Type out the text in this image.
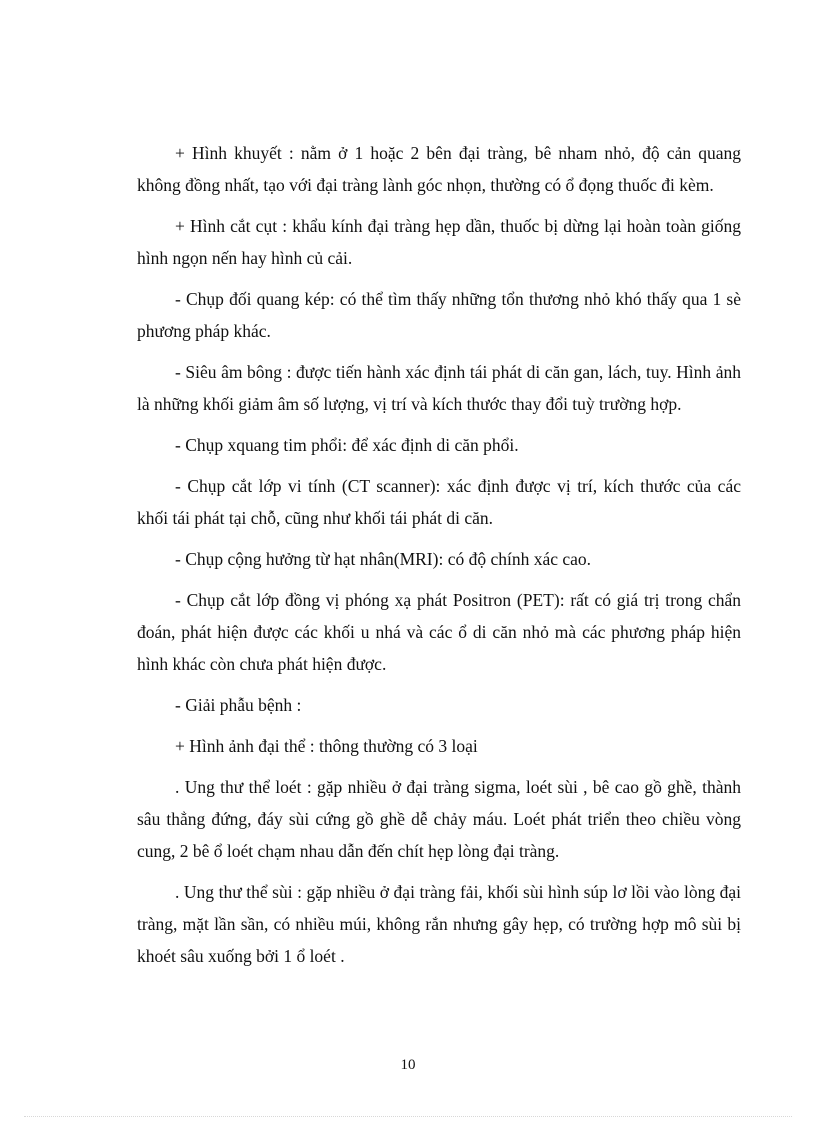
+ Hình khuyết : nằm ở 1 hoặc 2 bên đại tràng, bê nham nhỏ, độ cản quang không đồng nhất, tạo với đại tràng lành góc nhọn, thường có ổ đọng thuốc đi kèm.

+ Hình cắt cụt : khẩu kính đại tràng hẹp dần, thuốc bị dừng lại hoàn toàn giống hình ngọn nến hay hình củ cải.

- Chụp đối quang kép: có thể tìm thấy những tổn thương nhỏ khó thấy qua 1 sè phương pháp khác.

- Siêu âm bông : được tiến hành xác định tái phát di căn gan, lách, tuy. Hình ảnh là những khối giảm âm số lượng, vị trí và kích thước thay đổi tuỳ trường hợp.

- Chụp xquang tim phổi: để xác định di căn phổi.

- Chụp cắt lớp vi tính (CT scanner): xác định được vị trí, kích thước của các khối tái phát tại chỗ, cũng như khối tái phát di căn.

- Chụp cộng hưởng từ hạt nhân(MRI): có độ chính xác cao.

- Chụp cắt lớp đồng vị phóng xạ phát Positron (PET): rất có giá trị trong chẩn đoán, phát hiện được các khối u nhá và các ổ di căn nhỏ mà các phương pháp hiện hình khác còn chưa phát hiện được.

- Giải phẫu bệnh :

+ Hình ảnh đại thể : thông thường có 3 loại

. Ung thư thể loét : gặp nhiều ở đại tràng sigma, loét sùi , bê cao gồ ghề, thành sâu thẳng đứng, đáy sùi cứng gồ ghề dễ chảy máu. Loét phát triển theo chiều vòng cung, 2 bê ổ loét chạm nhau dẫn đến chít hẹp lòng đại tràng.

. Ung thư thể sùi : gặp nhiều ở đại tràng fải, khối sùi hình súp lơ lồi vào lòng đại tràng, mặt lần sần, có nhiều múi, không rắn nhưng gây hẹp, có trường hợp mô sùi bị khoét sâu xuống bởi 1 ổ loét .

10
